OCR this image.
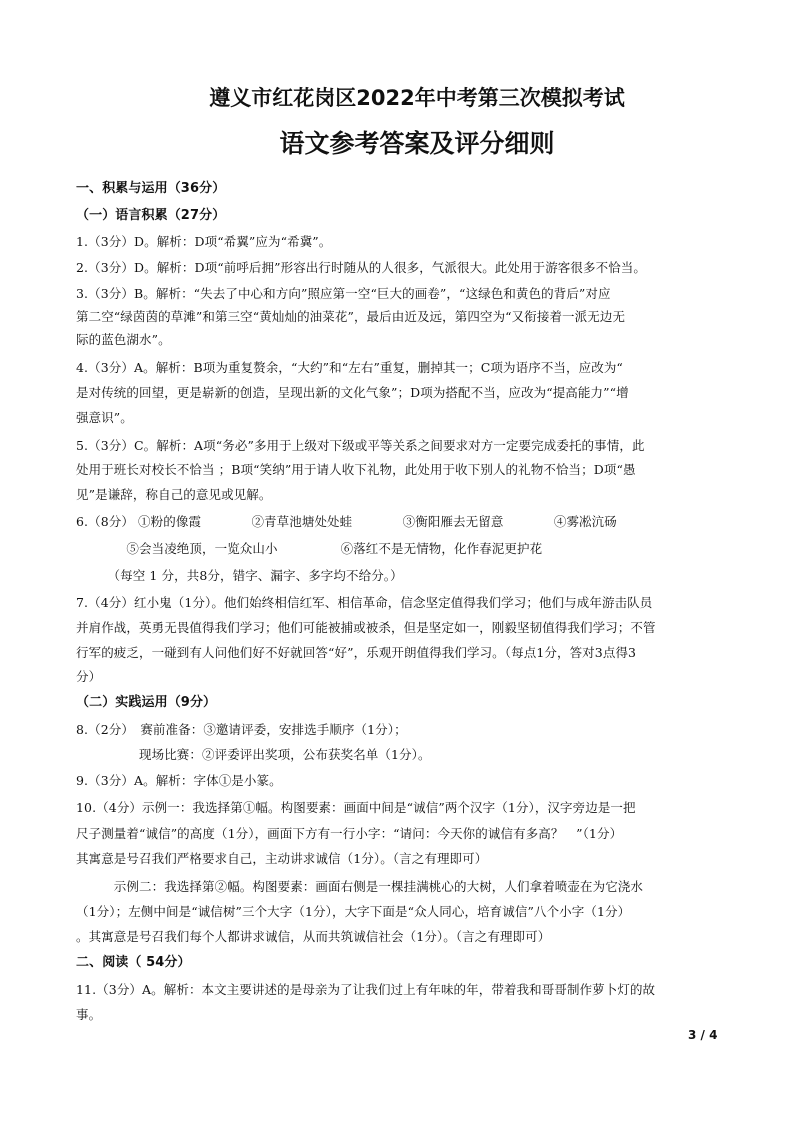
遵义市红花岗区2022年中考第三次模拟考试
语文参考答案及评分细则
一、积累与运用（36分）
（一）语言积累（27分）
1.（3分）D。解析：D项“希翼”应为“希冀”。
2.（3分）D。解析：D项“前呼后拥”形容出行时随从的人很多，气派很大。此处用于游客很多不恰当。
3.（3分）B。解析：“失去了中心和方向”照应第一空“巨大的画卷”，“这绿色和黄色的背后”对应
第二空“绿茵茵的草滩”和第三空“黄灿灿的油菜花”，最后由近及远，第四空为“又衔接着一派无边无
际的蓝色湖水”。
4.（3分）A。解析：B项为重复赘余，“大约”和“左右”重复，删掉其一；C项为语序不当，应改为“
是对传统的回望，更是崭新的创造，呈现出新的文化气象”；D项为搭配不当，应改为“提高能力”“增
强意识”。
5.（3分）C。解析：A项“务必”多用于上级对下级或平等关系之间要求对方一定要完成委托的事情，此
处用于班长对校长不恰当 ；B项“笑纳”用于请人收下礼物，此处用于收下别人的礼物不恰当；D项“愚
见”是谦辞，称自己的意见或见解。
6.（8分） ①粉的像霞　　　　②青草池塘处处蛙　　　　③衡阳雁去无留意　　　　④雾凇沆砀
　　　　⑤会当凌绝顶，一览众山小　　　　　⑥落红不是无情物，化作春泥更护花
　　　（每空 1 分，共8分，错字、漏字、多字均不给分。）
7.（4分）红小鬼（1分）。他们始终相信红军、相信革命，信念坚定值得我们学习；他们与成年游击队员
并肩作战，英勇无畏值得我们学习；他们可能被捕或被杀，但是坚定如一，刚毅坚韧值得我们学习；不管
行军的疲乏，一碰到有人问他们好不好就回答“好”，乐观开朗值得我们学习。（每点1分，答对3点得3
分）
（二）实践运用（9分）
8.（2分）　赛前准备：③邀请评委，安排选手顺序（1分）；
　　　　　现场比赛：②评委评出奖项，公布获奖名单（1分）。
9.（3分）A。解析：字体①是小篆。
10.（4分）示例一：我选择第①幅。构图要素：画面中间是“诚信”两个汉字（1分），汉字旁边是一把
尺子测量着“诚信”的高度（1分），画面下方有一行小字：“请问：今天你的诚信有多高？　”（1分）
其寓意是号召我们严格要求自己，主动讲求诚信（1分）。（言之有理即可）
　　　示例二：我选择第②幅。构图要素：画面右侧是一棵挂满桃心的大树，人们拿着喷壶在为它浇水
（1分）；左侧中间是“诚信树”三个大字（1分），大字下面是“众人同心，培育诚信”八个小字（1分）
。其寓意是号召我们每个人都讲求诚信，从而共筑诚信社会（1分）。（言之有理即可）
二、阅读（ 54分）
11.（3分）A。解析：本文主要讲述的是母亲为了让我们过上有年味的年，带着我和哥哥制作萝卜灯的故
事。
3 / 4
